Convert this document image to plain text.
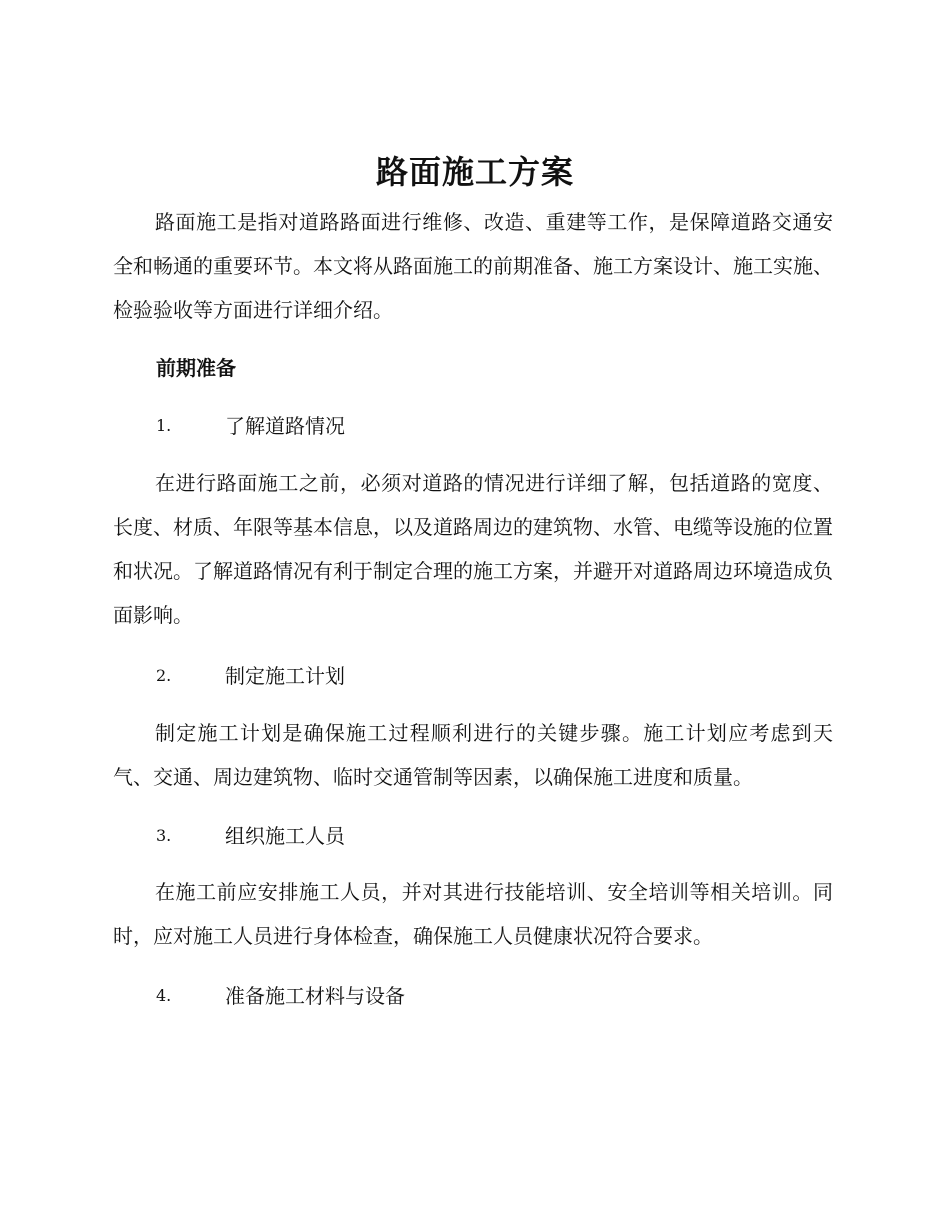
路面施工方案
路面施工是指对道路路面进行维修、改造、重建等工作，是保障道路交通安全和畅通的重要环节。本文将从路面施工的前期准备、施工方案设计、施工实施、检验验收等方面进行详细介绍。
前期准备
1.	了解道路情况
在进行路面施工之前，必须对道路的情况进行详细了解，包括道路的宽度、长度、材质、年限等基本信息，以及道路周边的建筑物、水管、电缆等设施的位置和状况。了解道路情况有利于制定合理的施工方案，并避开对道路周边环境造成负面影响。
2.	制定施工计划
制定施工计划是确保施工过程顺利进行的关键步骤。施工计划应考虑到天气、交通、周边建筑物、临时交通管制等因素，以确保施工进度和质量。
3.	组织施工人员
在施工前应安排施工人员，并对其进行技能培训、安全培训等相关培训。同时，应对施工人员进行身体检查，确保施工人员健康状况符合要求。
4.	准备施工材料与设备
